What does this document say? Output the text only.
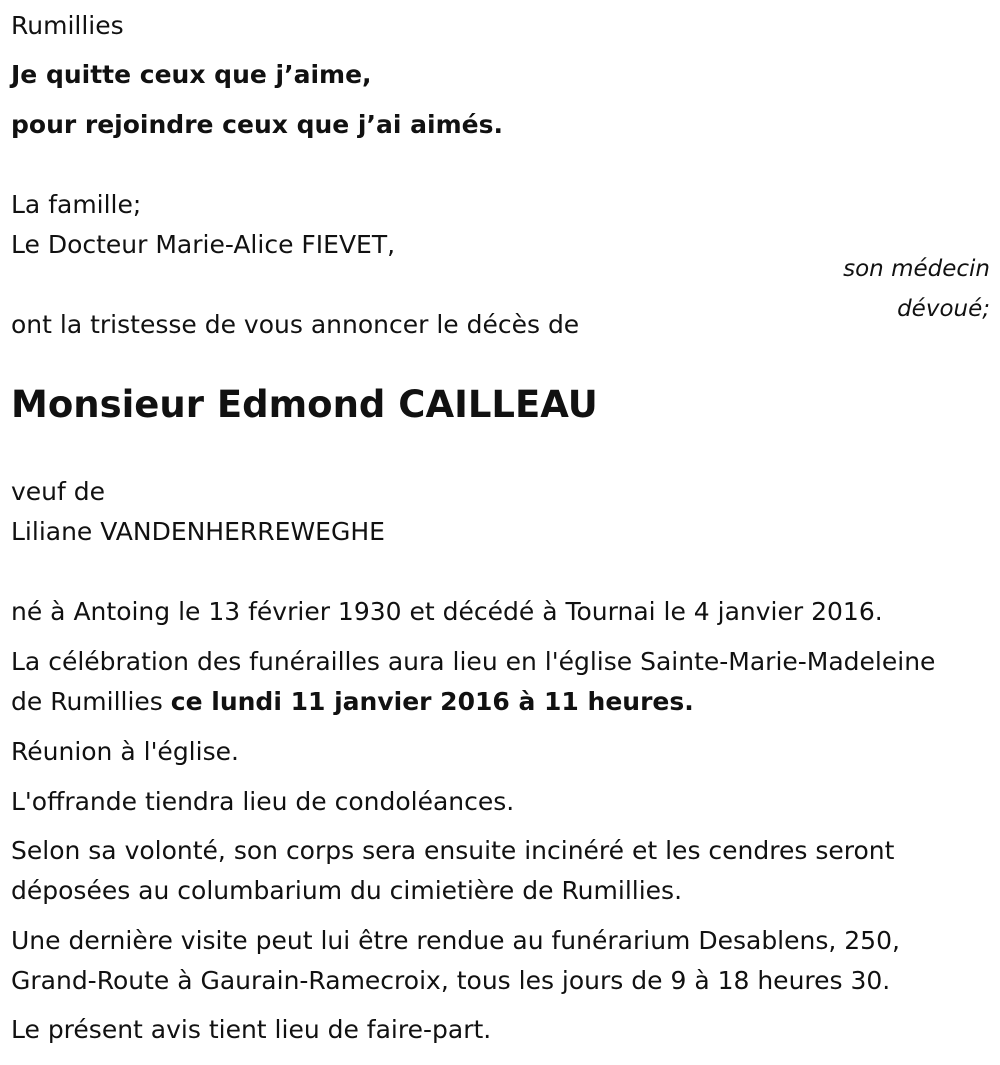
Rumillies
Je quitte ceux que j’aime,
pour rejoindre ceux que j’ai aimés.
La famille;
Le Docteur Marie-Alice FIEVET,
son médecin
dévoué;
ont la tristesse de vous annoncer le décès de
Monsieur Edmond CAILLEAU
veuf de
Liliane VANDENHERREWEGHE
né à Antoing le 13 février 1930 et décédé à Tournai le 4 janvier 2016.
La célébration des funérailles aura lieu en l'église Sainte-Marie-Madeleine
de Rumillies ce lundi 11 janvier 2016 à 11 heures.
Réunion à l'église.
L'offrande tiendra lieu de condoléances.
Selon sa volonté, son corps sera ensuite incinéré et les cendres seront
déposées au columbarium du cimietière de Rumillies.
Une dernière visite peut lui être rendue au funérarium Desablens, 250,
Grand-Route à Gaurain-Ramecroix, tous les jours de 9 à 18 heures 30.
Le présent avis tient lieu de faire-part.
